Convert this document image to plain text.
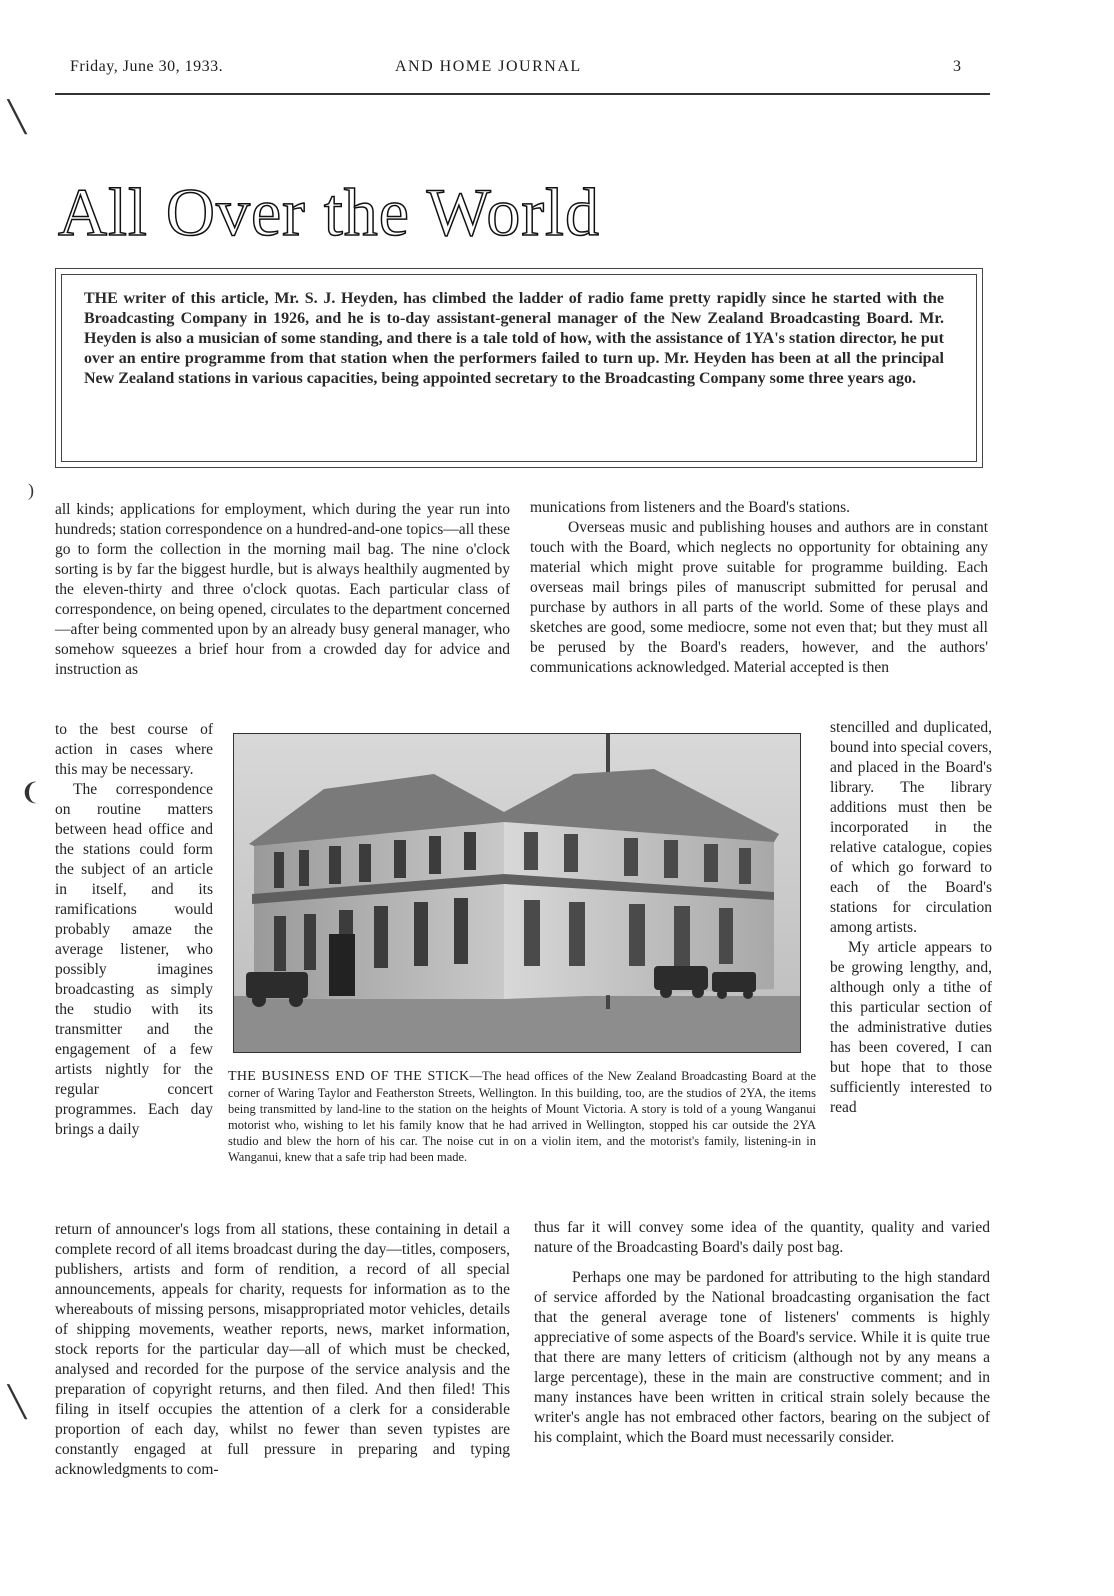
Friday, June 30, 1933.	AND HOME JOURNAL	3
All Over the World
THE writer of this article, Mr. S. J. Heyden, has climbed the ladder of radio fame pretty rapidly since he started with the Broadcasting Company in 1926, and he is to-day assistant-general manager of the New Zealand Broadcasting Board. Mr. Heyden is also a musician of some standing, and there is a tale told of how, with the assistance of 1YA's station director, he put over an entire programme from that station when the performers failed to turn up. Mr. Heyden has been at all the principal New Zealand stations in various capacities, being appointed secretary to the Broadcasting Company some three years ago.

all kinds; applications for employment, which during the year run into hundreds; station correspondence on a hundred-and-one topics—all these go to form the collection in the morning mail bag. The nine o'clock sorting is by far the biggest hurdle, but is always healthily augmented by the eleven-thirty and three o'clock quotas. Each particular class of correspondence, on being opened, circulates to the department concerned—after being commented upon by an already busy general manager, who somehow squeezes a brief hour from a crowded day for advice and instruction as

to the best course of action in cases where this may be necessary.

The correspondence on routine matters between head office and the stations could form the subject of an article in itself, and its ramifications would probably amaze the average listener, who possibly imagines broadcasting as simply the studio with its transmitter and the engagement of a few artists nightly for the regular concert programmes. Each day brings a daily

return of announcer's logs from all stations, these containing in detail a complete record of all items broadcast during the day—titles, composers, publishers, artists and form of rendition, a record of all special announcements, appeals for charity, requests for information as to the whereabouts of missing persons, misappropriated motor vehicles, details of shipping movements, weather reports, news, market information, stock reports for the particular day—all of which must be checked, analysed and recorded for the purpose of the service analysis and the preparation of copyright returns, and then filed. And then filed! This filing in itself occupies the attention of a clerk for a considerable proportion of each day, whilst no fewer than seven typistes are constantly engaged at full pressure in preparing and typing acknowledgments to com-

munications from listeners and the Board's stations.

Overseas music and publishing houses and authors are in constant touch with the Board, which neglects no opportunity for obtaining any material which might prove suitable for programme building. Each overseas mail brings piles of manuscript submitted for perusal and purchase by authors in all parts of the world. Some of these plays and sketches are good, some mediocre, some not even that; but they must all be perused by the Board's readers, however, and the authors' communications acknowledged. Material accepted is then

stencilled and duplicated, bound into special covers, and placed in the Board's library. The library additions must then be incorporated in the relative catalogue, copies of which go forward to each of the Board's stations for circulation among artists.

My article appears to be growing lengthy, and, although only a tithe of this particular section of the administrative duties has been covered, I can but hope that to those sufficiently interested to read

thus far it will convey some idea of the quantity, quality and varied nature of the Broadcasting Board's daily post bag.

Perhaps one may be pardoned for attributing to the high standard of service afforded by the National broadcasting organisation the fact that the general average tone of listeners' comments is highly appreciative of some aspects of the Board's service. While it is quite true that there are many letters of criticism (although not by any means a large percentage), these in the main are constructive comment; and in many instances have been written in critical strain solely because the writer's angle has not embraced other factors, bearing on the subject of his complaint, which the Board must necessarily consider.

THE BUSINESS END OF THE STICK—The head offices of the New Zealand Broadcasting Board at the corner of Waring Taylor and Featherston Streets, Wellington. In this building, too, are the studios of 2YA, the items being transmitted by land-line to the station on the heights of Mount Victoria. A story is told of a young Wanganui motorist who, wishing to let his family know that he had arrived in Wellington, stopped his car outside the 2YA studio and blew the horn of his car. The noise cut in on a violin item, and the motorist's family, listening-in in Wanganui, knew that a safe trip had been made.
╲
)
❨
╲
